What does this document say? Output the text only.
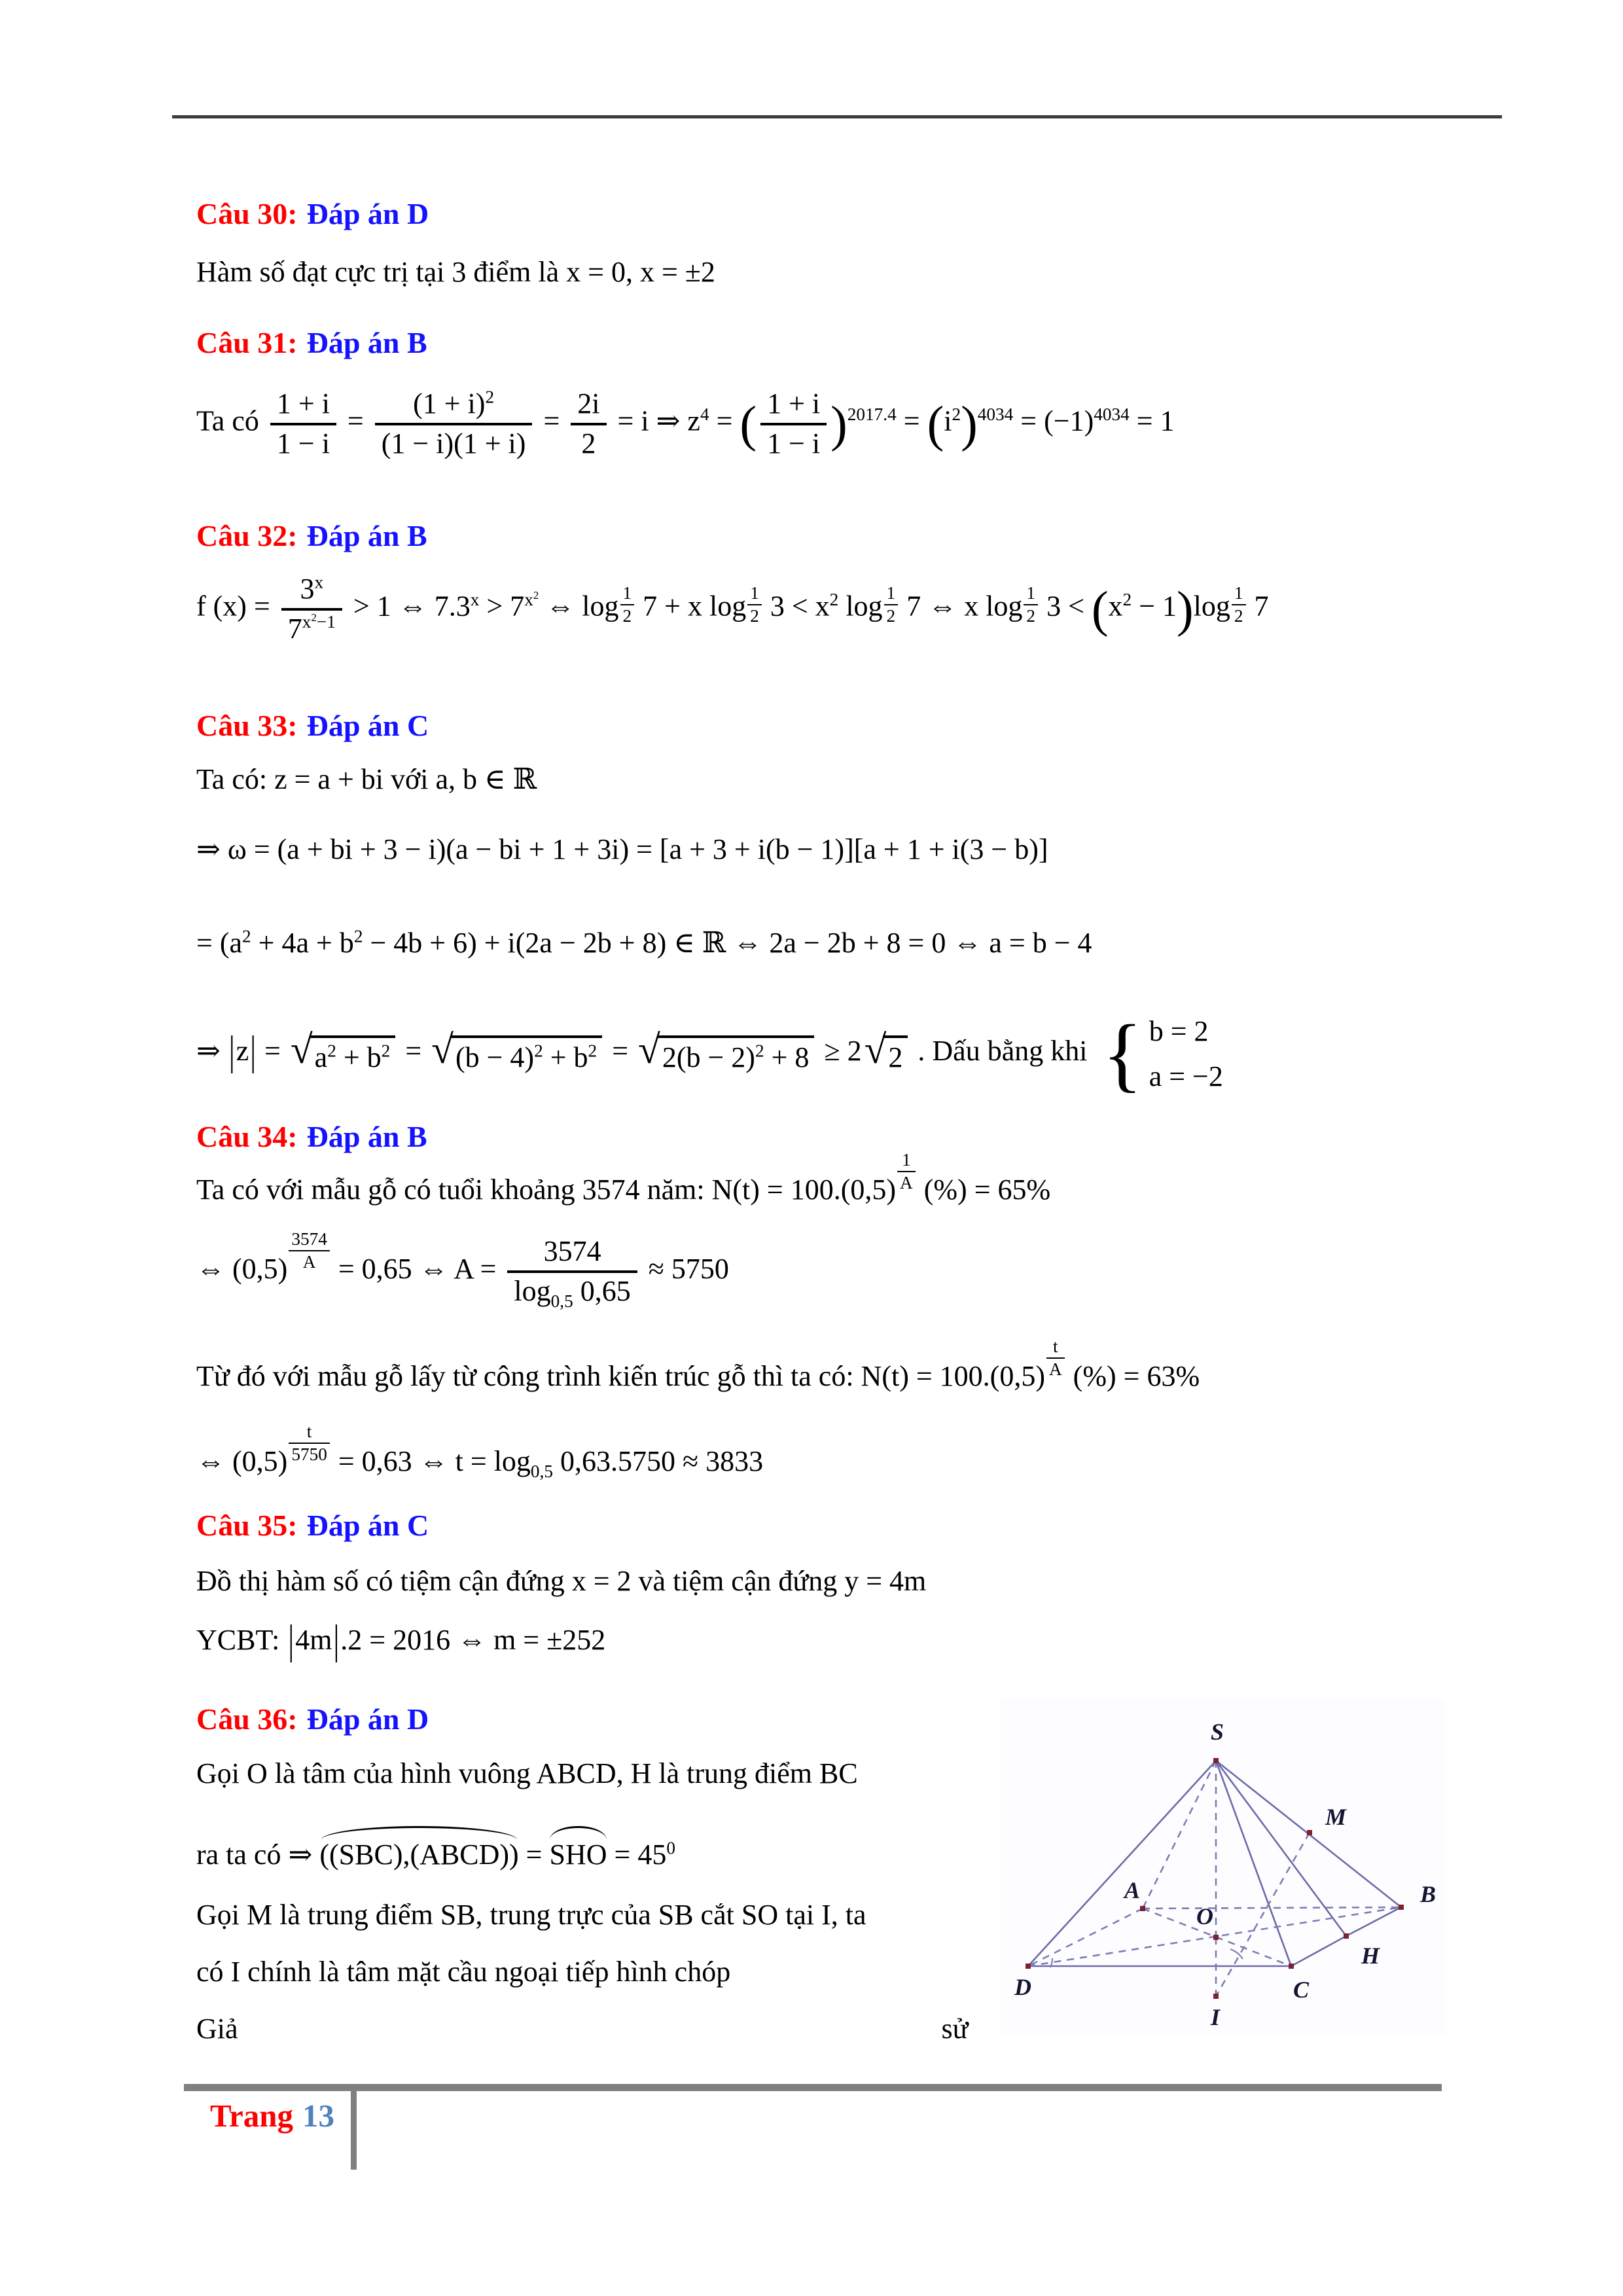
Câu 30: Đáp án D
Hàm số đạt cực trị tại 3 điểm là x = 0, x = ±2
Câu 31: Đáp án B
Ta có $\frac{1 + i}{1 - i} = \frac{(1 + i)^2}{(1 - i)(1 + i)} = \frac{2i}{2} = i$ ⇒ $z^4$ = ( $\frac{1 + i}{1 - i} )^{2017.4} = (i^2)^{4034} = (-1)^{4034} = 1$
Câu 32: Đáp án B
f $(x) = \frac{3^x}{7^{x^2-1}} > 1$ ⇔ $7.3^x > 7^{x^2}$ ⇔ log $_{\frac{1}{2}}$ 7 + x log $_{\frac{1}{2}}$ $3 < x^2$ log $_{\frac{1}{2}}$ 7 ⇔ x log $_{\frac{1}{2}}$ $3 < (x^2 - 1)\log$ $_{\frac{1}{2}}$ 7
Câu 33: Đáp án C
Ta có: z = a + bi với a, b ∈ ℝ
⇒ ω = (a + bi + 3 − i)(a − bi + 1 + 3i) = [a + 3 + i(b − 1)][a + 1 + i(3 − b)]
= $(a^2 + 4a + b^2 - 4b + 6) + i(2a - 2b + 8)$ ∈ ℝ ⇔ 2a − 2b + 8 = 0 ⇔ a = b − 4
⇒ |z| = √ $a^2 + b^2$ = √ $(b - 4)^2 + b^2$ = √ $2(b - 2)^2 + 8 \ge 2$ √ 2 . Dấu bằng khi { b = 2
a = −2
Câu 34: Đáp án B
Ta có với mẫu gỗ có tuổi khoảng 3574 năm: N(t) = 100.(0,5) $^{\frac{1}{A}}$ (%) = 65%
⇔ (0,5) $^{\frac{3574}{A}}$ = 0,65 ⇔ $A = \frac{3574}{\log_{0,5} 0,65} \approx 5750$
Từ đó với mẫu gỗ lấy từ công trình kiến trúc gỗ thì ta có: N(t) = 100.(0,5) $^{\frac{t}{A}}$ (%) = 63%
⇔ (0,5) $^{\frac{t}{5750}}$ = 0,63 ⇔ $t = \log_{0,5} 0,63.5750 \approx 3833$
Câu 35: Đáp án C
Đồ thị hàm số có tiệm cận đứng x = 2 và tiệm cận đứng y = 4m
YCBT: |4m|.2 = 2016 ⇔ m = ±252
Câu 36: Đáp án D
Gọi O là tâm của hình vuông ABCD, H là trung điểm BC
ra ta có ⇒ ((SBC),(ABCD)) = SHO = $45^0$
Gọi M là trung điểm SB, trung trực của SB cắt SO tại I, ta
có I chính là tâm mặt cầu ngoại tiếp hình chóp
Giả	sử
S
M
A	B
O
H
D	C
I
Trang 13
